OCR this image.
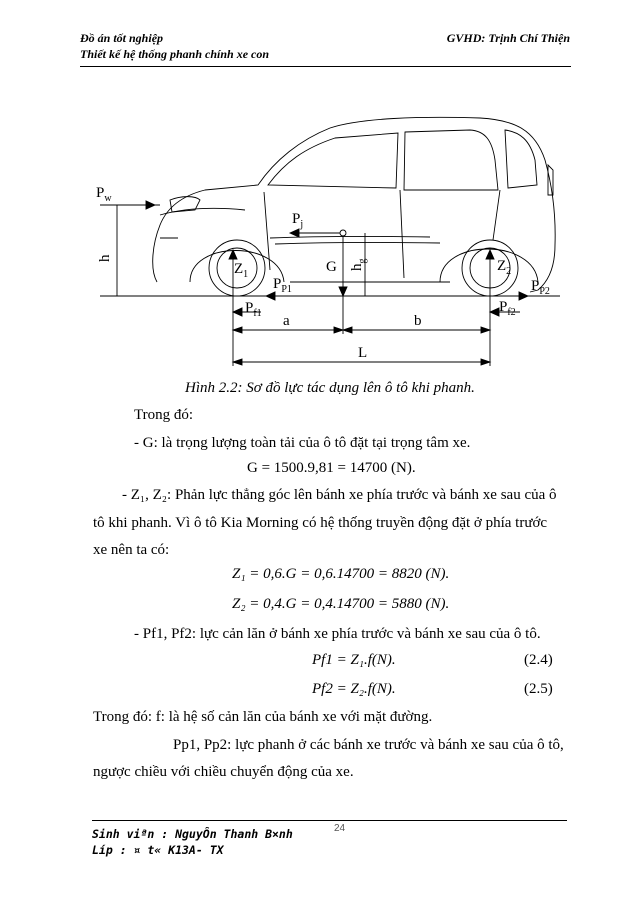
Đồ án tốt nghiệp
Thiết kế hệ thống phanh chính xe con
GVHD: Trịnh Chí Thiện
$P_w$
h
$P_j$
$h_g$
$Z_1$
$Z_2$
G
$P_{P1}$	$P_{P2}$
$P_{f1}$	$P_{f2}$
a	b
L
Hình 2.2: Sơ đồ lực tác dụng lên ô tô khi phanh.
Trong đó:
- G: là trọng lượng toàn tải của ô tô đặt tại trọng tâm xe.
G = 1500.9,81 = 14700 (N).
- Z₁, Z₂: Phản lực thẳng góc lên bánh xe phía trước và bánh xe sau của ô
tô khi phanh. Vì ô tô Kia Morning có hệ thống truyền động đặt ở phía trước
xe nên ta có:
Z₁ = 0,6.G = 0,6.14700 = 8820 (N).
Z₂ = 0,4.G = 0,4.14700 = 5880 (N).
- Pf1, Pf2: lực cản lăn ở bánh xe phía trước và bánh xe sau của ô tô.
Pf1 = Z₁.f(N).	(2.4)
Pf2 = Z₂.f(N).	(2.5)
Trong đó: f: là hệ số cản lăn của bánh xe với mặt đường.
Pp1, Pp2: lực phanh ở các bánh xe trước và bánh xe sau của ô tô,
ngược chiều với chiều chuyển động của xe.
Sinh viªn : NguyÔn Thanh B×nh	24
Líp : ¤ t« K13A- TX
